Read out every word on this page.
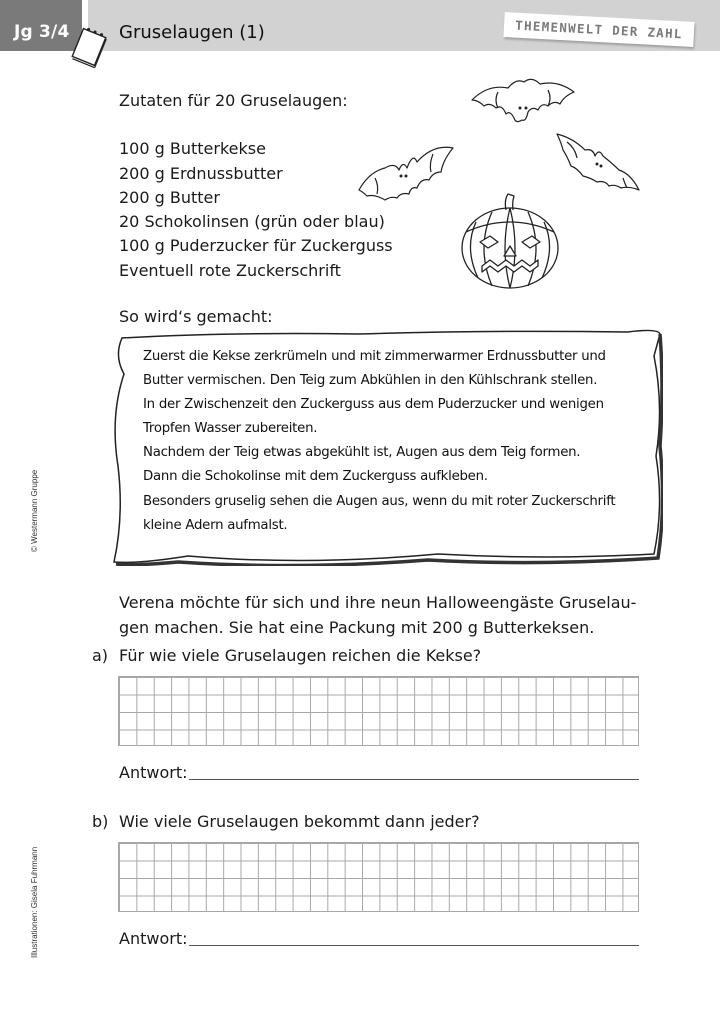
Jg 3/4	Gruselaugen (1)	THEMENWELT DER ZAHL
© Westermann Gruppe
Illustrationen: Gisela Fuhrmann
Zutaten für 20 Gruselaugen:
100 g Butterkekse
200 g Erdnussbutter
200 g Butter
20 Schokolinsen (grün oder blau)
100 g Puderzucker für Zuckerguss
Eventuell rote Zuckerschrift
So wird‘s gemacht:
Zuerst die Kekse zerkrümeln und mit zimmerwarmer Erdnussbutter und
Butter vermischen. Den Teig zum Abkühlen in den Kühlschrank stellen.
In der Zwischenzeit den Zuckerguss aus dem Puderzucker und wenigen
Tropfen Wasser zubereiten.
Nachdem der Teig etwas abgekühlt ist, Augen aus dem Teig formen.
Dann die Schokolinse mit dem Zuckerguss aufkleben.
Besonders gruselig sehen die Augen aus, wenn du mit roter Zuckerschrift
kleine Adern aufmalst.
Verena möchte für sich und ihre neun Halloweengäste Gruselau-
gen machen. Sie hat eine Packung mit 200 g Butterkeksen.
a) Für wie viele Gruselaugen reichen die Kekse?
Antwort:
b) Wie viele Gruselaugen bekommt dann jeder?
Antwort:
